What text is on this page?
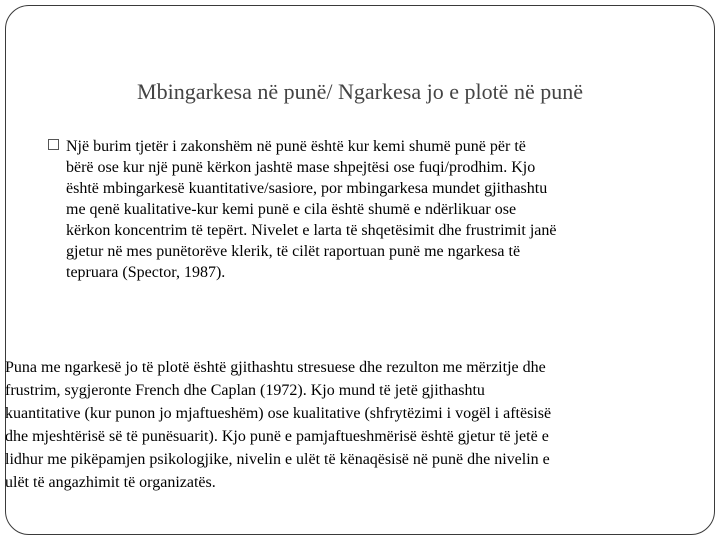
Mbingarkesa në punë/ Ngarkesa jo e plotë në punë

Një burim tjetër i zakonshëm në punë është kur kemi shumë punë për të
bërë ose kur një punë kërkon jashtë mase shpejtësi ose fuqi/prodhim. Kjo
është mbingarkesë kuantitative/sasiore, por mbingarkesa mundet gjithashtu
me qenë kualitative-kur kemi punë e cila është shumë e ndërlikuar ose
kërkon koncentrim të tepërt. Nivelet e larta të shqetësimit dhe frustrimit janë
gjetur në mes punëtorëve klerik, të cilët raportuan punë me ngarkesa të
tepruara (Spector, 1987).

Puna me ngarkesë jo të plotë është gjithashtu stresuese dhe rezulton me mërzitje dhe
frustrim, sygjeronte French dhe Caplan (1972). Kjo mund të jetë gjithashtu
kuantitative (kur punon jo mjaftueshëm) ose kualitative (shfrytëzimi i vogël i aftësisë
dhe mjeshtërisë së të punësuarit). Kjo punë e pamjaftueshmërisë është gjetur të jetë e
lidhur me pikëpamjen psikologjike, nivelin e ulët të kënaqësisë në punë dhe nivelin e
ulët të angazhimit të organizatës.
